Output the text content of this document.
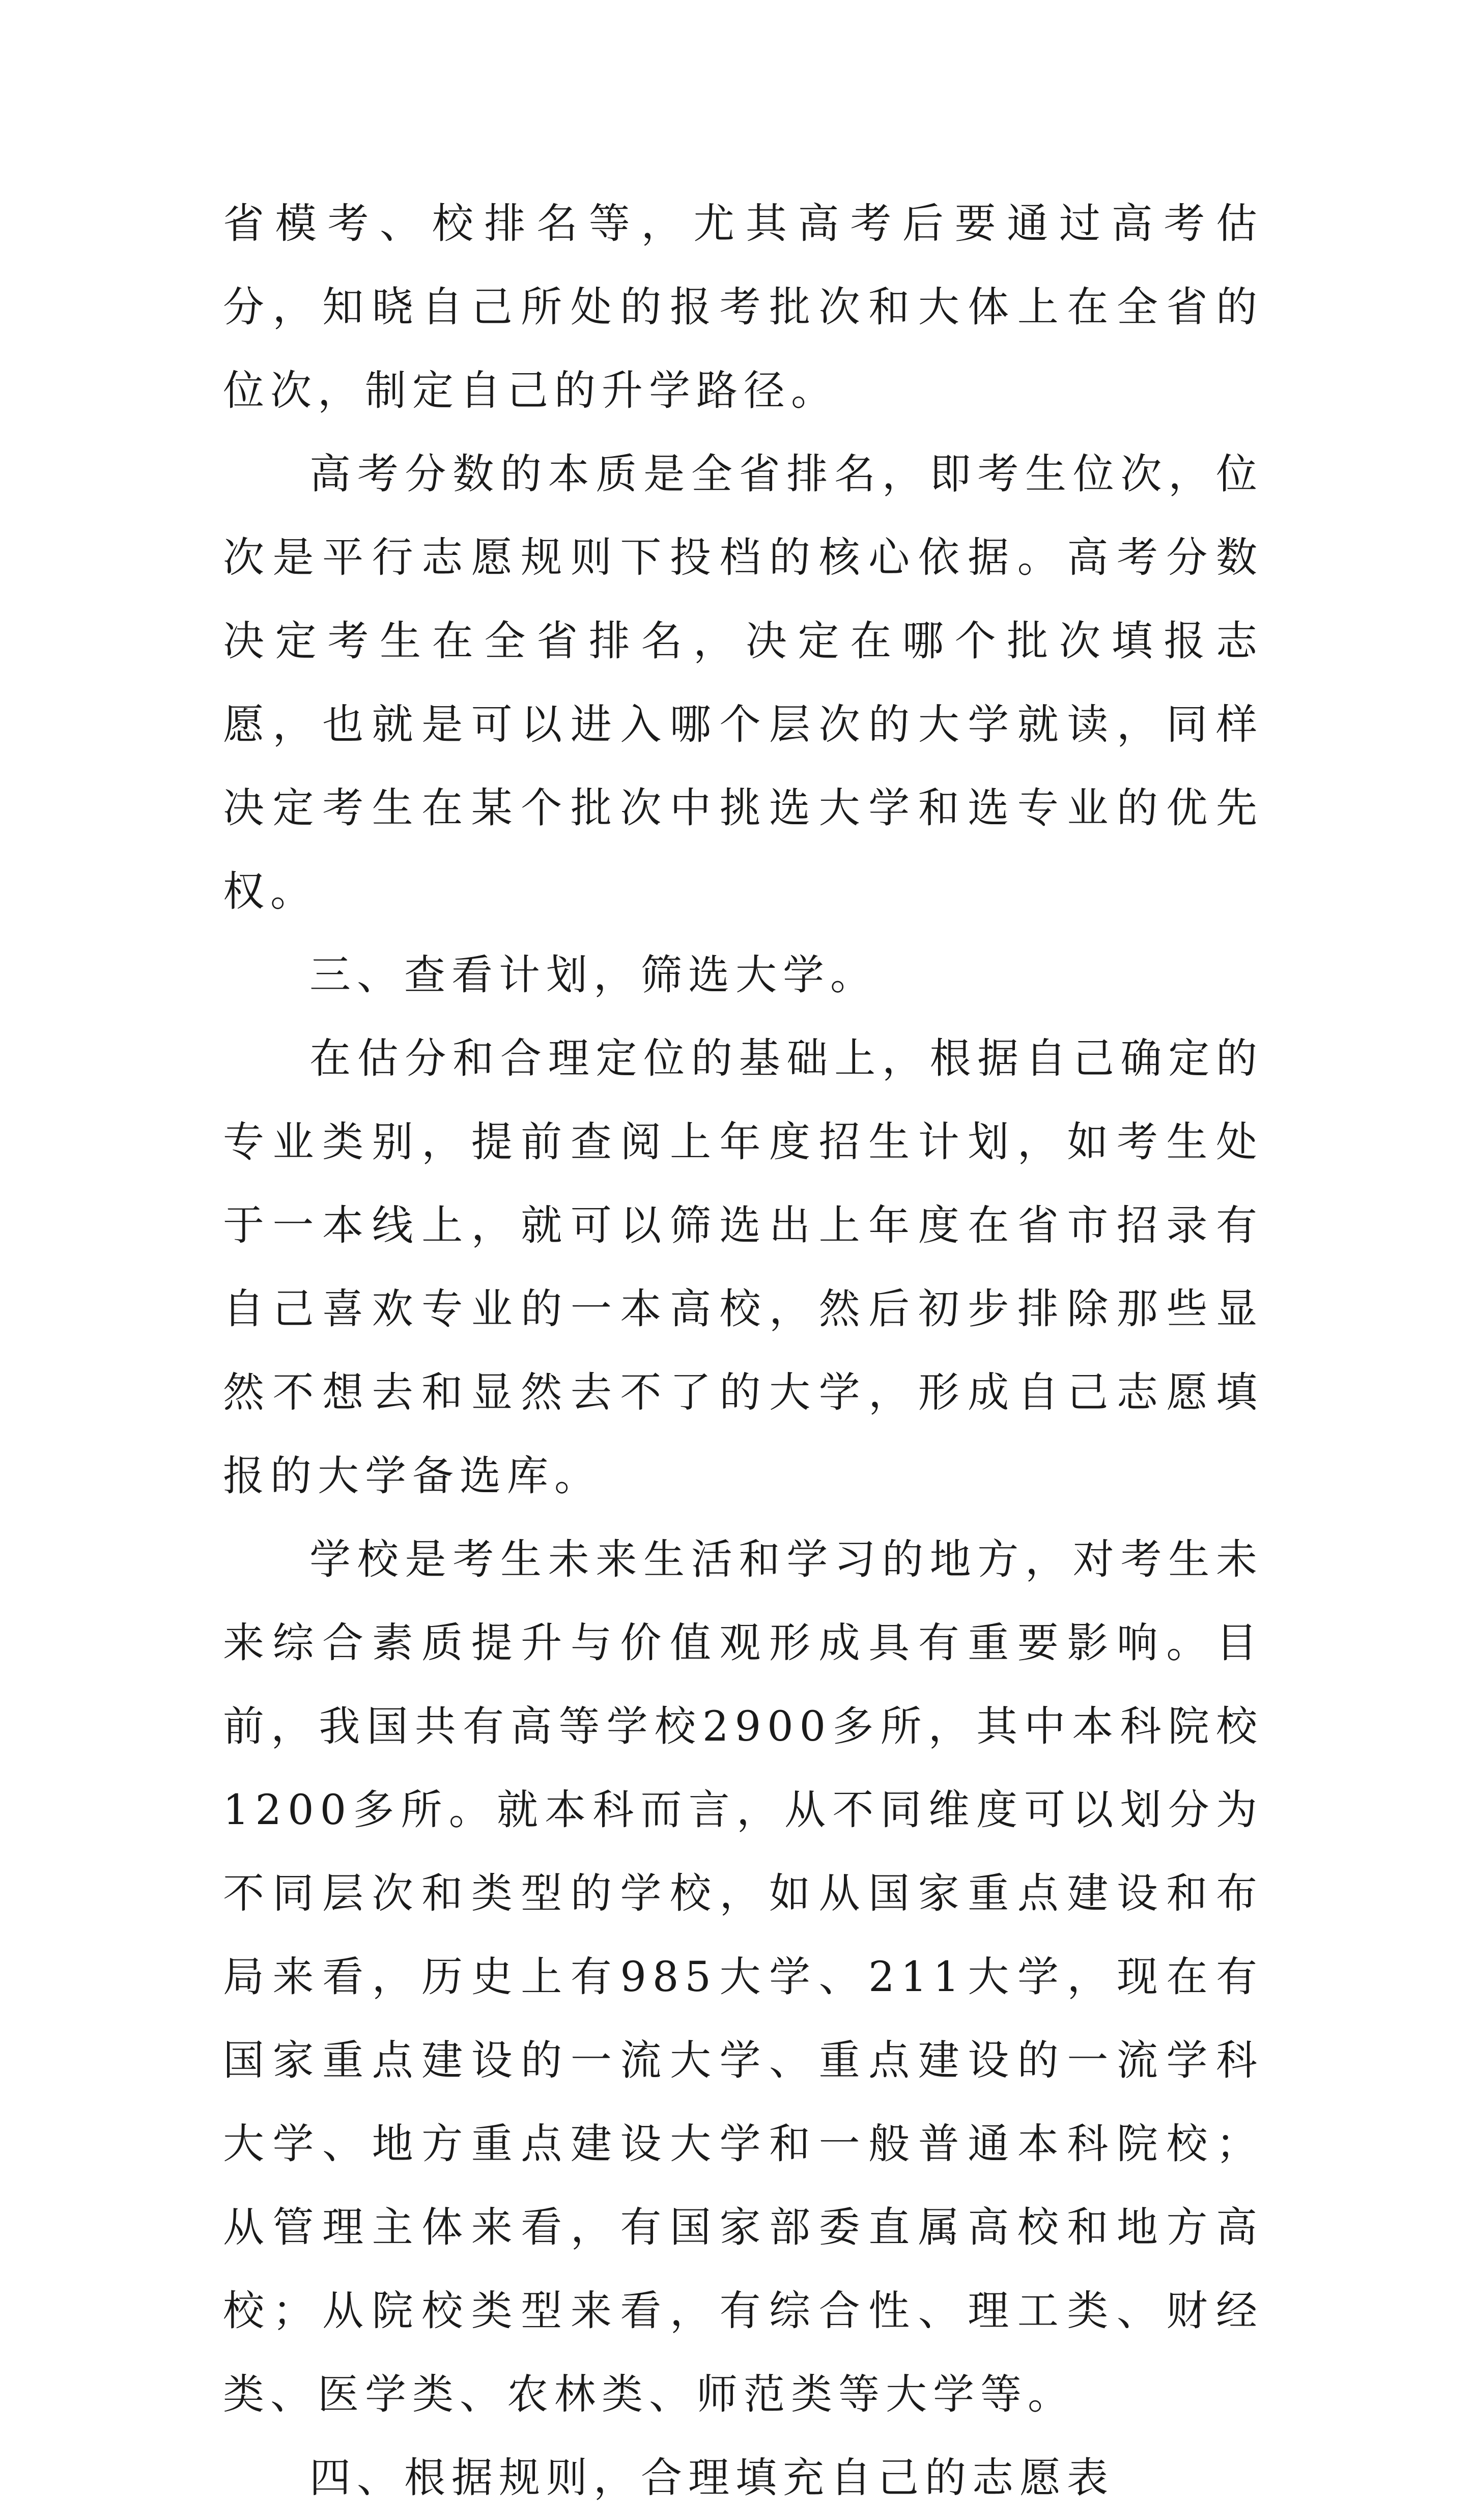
省模考、校排名等，尤其高考后要通过高考估分，知晓自己所处的报考批次和大体上在全省的位次，制定自己的升学路径。

高考分数的本质是全省排名，即考生位次，位次是平行志愿规则下投档的核心依据。高考分数决定考生在全省排名，决定在哪个批次填报志愿，也就是可以进入哪个层次的大学就读，同样决定考生在某个批次中挑选大学和选专业的优先权。

三、查看计划，筛选大学。

在估分和合理定位的基础上，根据自己确定的专业类别，提前查阅上年度招生计划，如考生处于一本线上，就可以筛选出上年度在省市招录有自己喜欢专业的一本高校，然后初步排除那些显然不想去和显然去不了的大学，形成自己志愿填报的大学备选库。

学校是考生未来生活和学习的地方，对考生未来综合素质提升与价值观形成具有重要影响。目前，我国共有高等学校2900多所，其中本科院校1200多所。就本科而言，从不同维度可以划分为不同层次和类型的学校，如从国家重点建设和布局来看，历史上有985大学、211大学，现在有国家重点建设的一流大学、重点建设的一流学科大学、地方重点建设大学和一般普通本科院校；从管理主体来看，有国家部委直属高校和地方高校；从院校类型来看，有综合性、理工类、财经类、医学类、农林类、师范类等大学等。

四、根据规则，合理填充自己的志愿表
